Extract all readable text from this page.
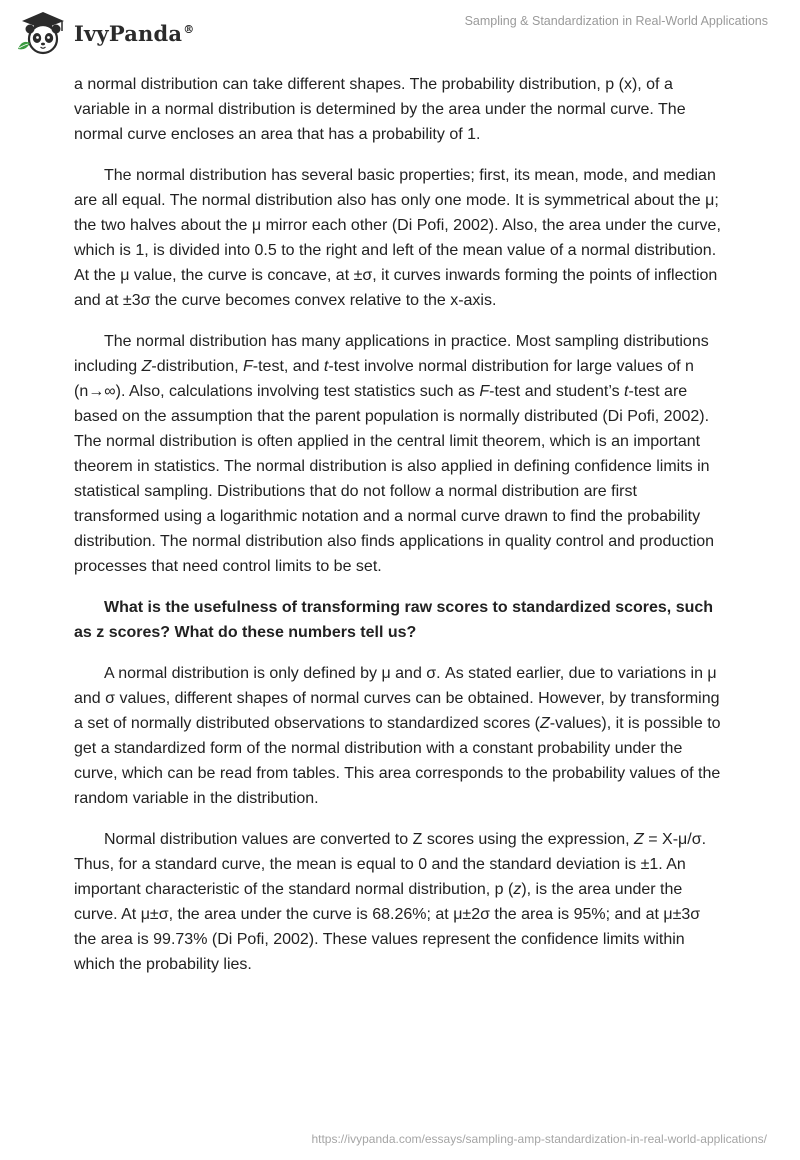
IvyPanda®
Sampling & Standardization in Real-World Applications

a normal distribution can take different shapes. The probability distribution, p (x), of a variable in a normal distribution is determined by the area under the normal curve. The normal curve encloses an area that has a probability of 1.

The normal distribution has several basic properties; first, its mean, mode, and median are all equal. The normal distribution also has only one mode. It is symmetrical about the μ; the two halves about the μ mirror each other (Di Pofi, 2002). Also, the area under the curve, which is 1, is divided into 0.5 to the right and left of the mean value of a normal distribution. At the μ value, the curve is concave, at ±σ, it curves inwards forming the points of inflection and at ±3σ the curve becomes convex relative to the x-axis.

The normal distribution has many applications in practice. Most sampling distributions including Z-distribution, F-test, and t-test involve normal distribution for large values of n (n→∞). Also, calculations involving test statistics such as F-test and student’s t-test are based on the assumption that the parent population is normally distributed (Di Pofi, 2002). The normal distribution is often applied in the central limit theorem, which is an important theorem in statistics. The normal distribution is also applied in defining confidence limits in statistical sampling. Distributions that do not follow a normal distribution are first transformed using a logarithmic notation and a normal curve drawn to find the probability distribution. The normal distribution also finds applications in quality control and production processes that need control limits to be set.

What is the usefulness of transforming raw scores to standardized scores, such as z scores? What do these numbers tell us?

A normal distribution is only defined by μ and σ. As stated earlier, due to variations in μ and σ values, different shapes of normal curves can be obtained. However, by transforming a set of normally distributed observations to standardized scores (Z-values), it is possible to get a standardized form of the normal distribution with a constant probability under the curve, which can be read from tables. This area corresponds to the probability values of the random variable in the distribution.

Normal distribution values are converted to Z scores using the expression, Z = X-μ/σ. Thus, for a standard curve, the mean is equal to 0 and the standard deviation is ±1. An important characteristic of the standard normal distribution, p (z), is the area under the curve. At μ±σ, the area under the curve is 68.26%; at μ±2σ the area is 95%; and at μ±3σ the area is 99.73% (Di Pofi, 2002). These values represent the confidence limits within which the probability lies.

https://ivypanda.com/essays/sampling-amp-standardization-in-real-world-applications/
